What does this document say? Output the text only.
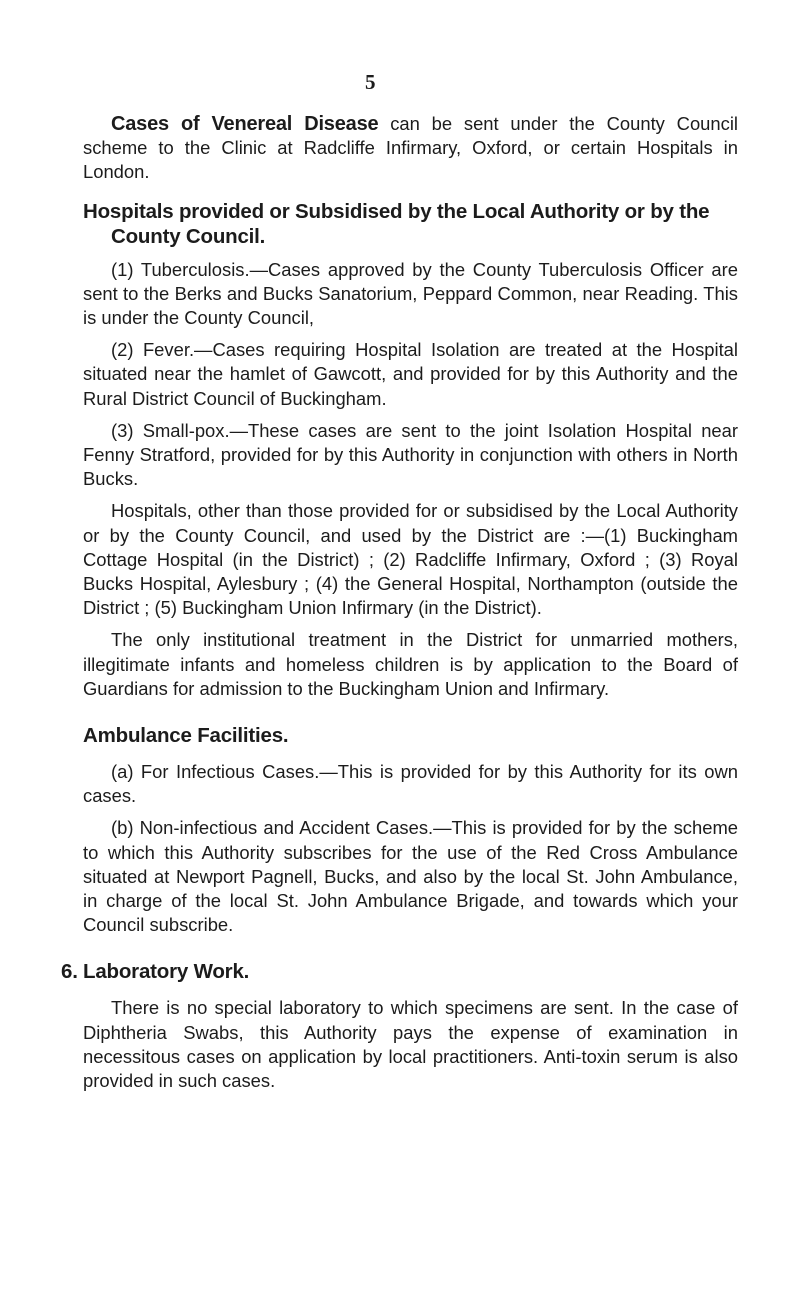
5

Cases of Venereal Disease can be sent under the County Council scheme to the Clinic at Radcliffe Infirmary, Oxford, or certain Hospitals in London.

Hospitals provided or Subsidised by the Local Authority or by the County Council.

(1) Tuberculosis.—Cases approved by the County Tuberculosis Officer are sent to the Berks and Bucks Sanatorium, Peppard Common, near Reading. This is under the County Council,

(2) Fever.—Cases requiring Hospital Isolation are treated at the Hospital situated near the hamlet of Gawcott, and provided for by this Authority and the Rural District Council of Buckingham.

(3) Small-pox.—These cases are sent to the joint Isolation Hospital near Fenny Stratford, provided for by this Authority in conjunction with others in North Bucks.

Hospitals, other than those provided for or subsidised by the Local Authority or by the County Council, and used by the District are :—(1) Buckingham Cottage Hospital (in the District) ; (2) Radcliffe Infirmary, Oxford ; (3) Royal Bucks Hospital, Aylesbury ; (4) the General Hospital, Northampton (outside the District ; (5) Buckingham Union Infirmary (in the District).

The only institutional treatment in the District for unmarried mothers, illegitimate infants and homeless children is by application to the Board of Guardians for admission to the Buckingham Union and Infirmary.

Ambulance Facilities.

(a) For Infectious Cases.—This is provided for by this Authority for its own cases.

(b) Non-infectious and Accident Cases.—This is provided for by the scheme to which this Authority subscribes for the use of the Red Cross Ambulance situated at Newport Pagnell, Bucks, and also by the local St. John Ambulance, in charge of the local St. John Ambulance Brigade, and towards which your Council subscribe.

6. Laboratory Work.

There is no special laboratory to which specimens are sent. In the case of Diphtheria Swabs, this Authority pays the expense of examination in necessitous cases on application by local practitioners. Anti-toxin serum is also provided in such cases.
